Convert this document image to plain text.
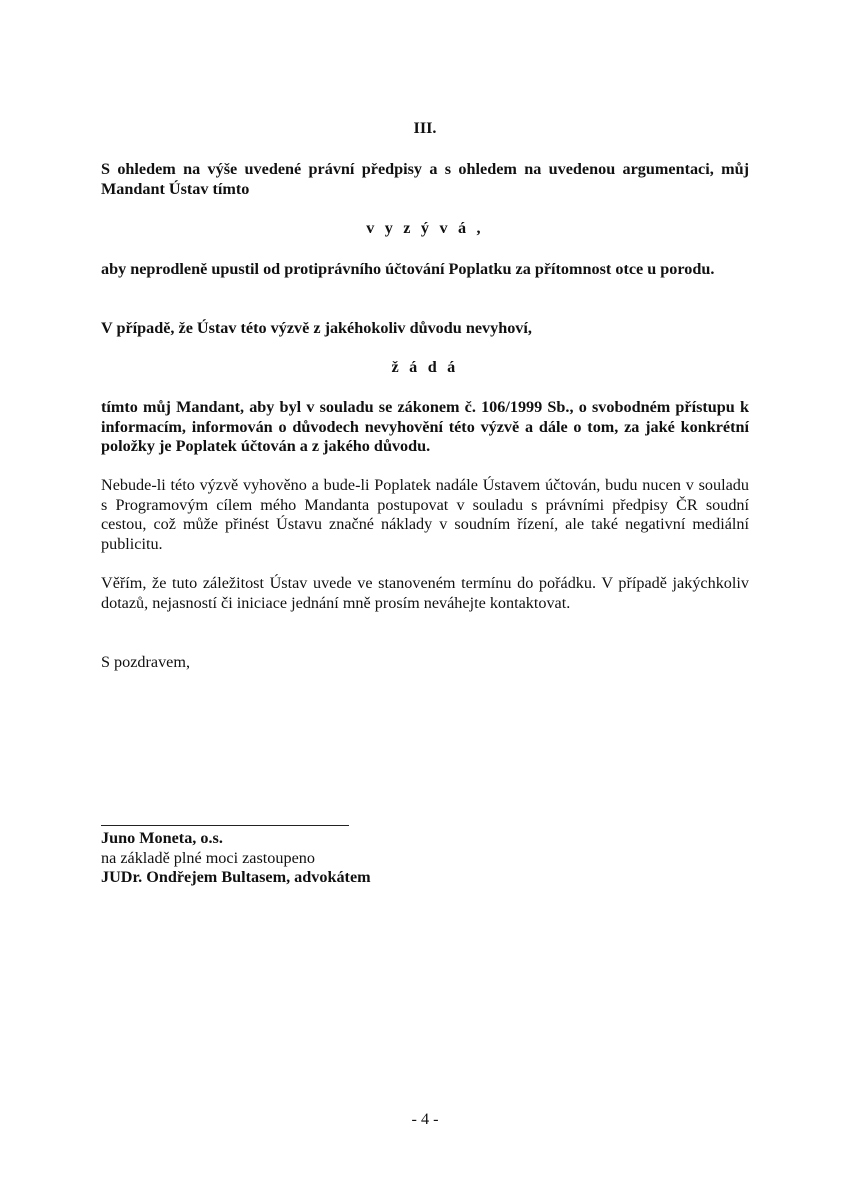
III.

S ohledem na výše uvedené právní předpisy a s ohledem na uvedenou argumentaci, můj Mandant Ústav tímto

v y z ý v á ,

aby neprodleně upustil od protiprávního účtování Poplatku za přítomnost otce u porodu.

V případě, že Ústav této výzvě z jakéhokoliv důvodu nevyhoví,

ž á d á

tímto můj Mandant, aby byl v souladu se zákonem č. 106/1999 Sb., o svobodném přístupu k informacím, informován o důvodech nevyhovění této výzvě a dále o tom, za jaké konkrétní položky je Poplatek účtován a z jakého důvodu.

Nebude-li této výzvě vyhověno a bude-li Poplatek nadále Ústavem účtován, budu nucen v souladu s Programovým cílem mého Mandanta postupovat v souladu s právními předpisy ČR soudní cestou, což může přinést Ústavu značné náklady v soudním řízení, ale také negativní mediální publicitu.

Věřím, že tuto záležitost Ústav uvede ve stanoveném termínu do pořádku. V případě jakýchkoliv dotazů, nejasností či iniciace jednání mně prosím neváhejte kontaktovat.

S pozdravem,

Juno Moneta, o.s.
na základě plné moci zastoupeno
JUDr. Ondřejem Bultasem, advokátem
- 4 -
